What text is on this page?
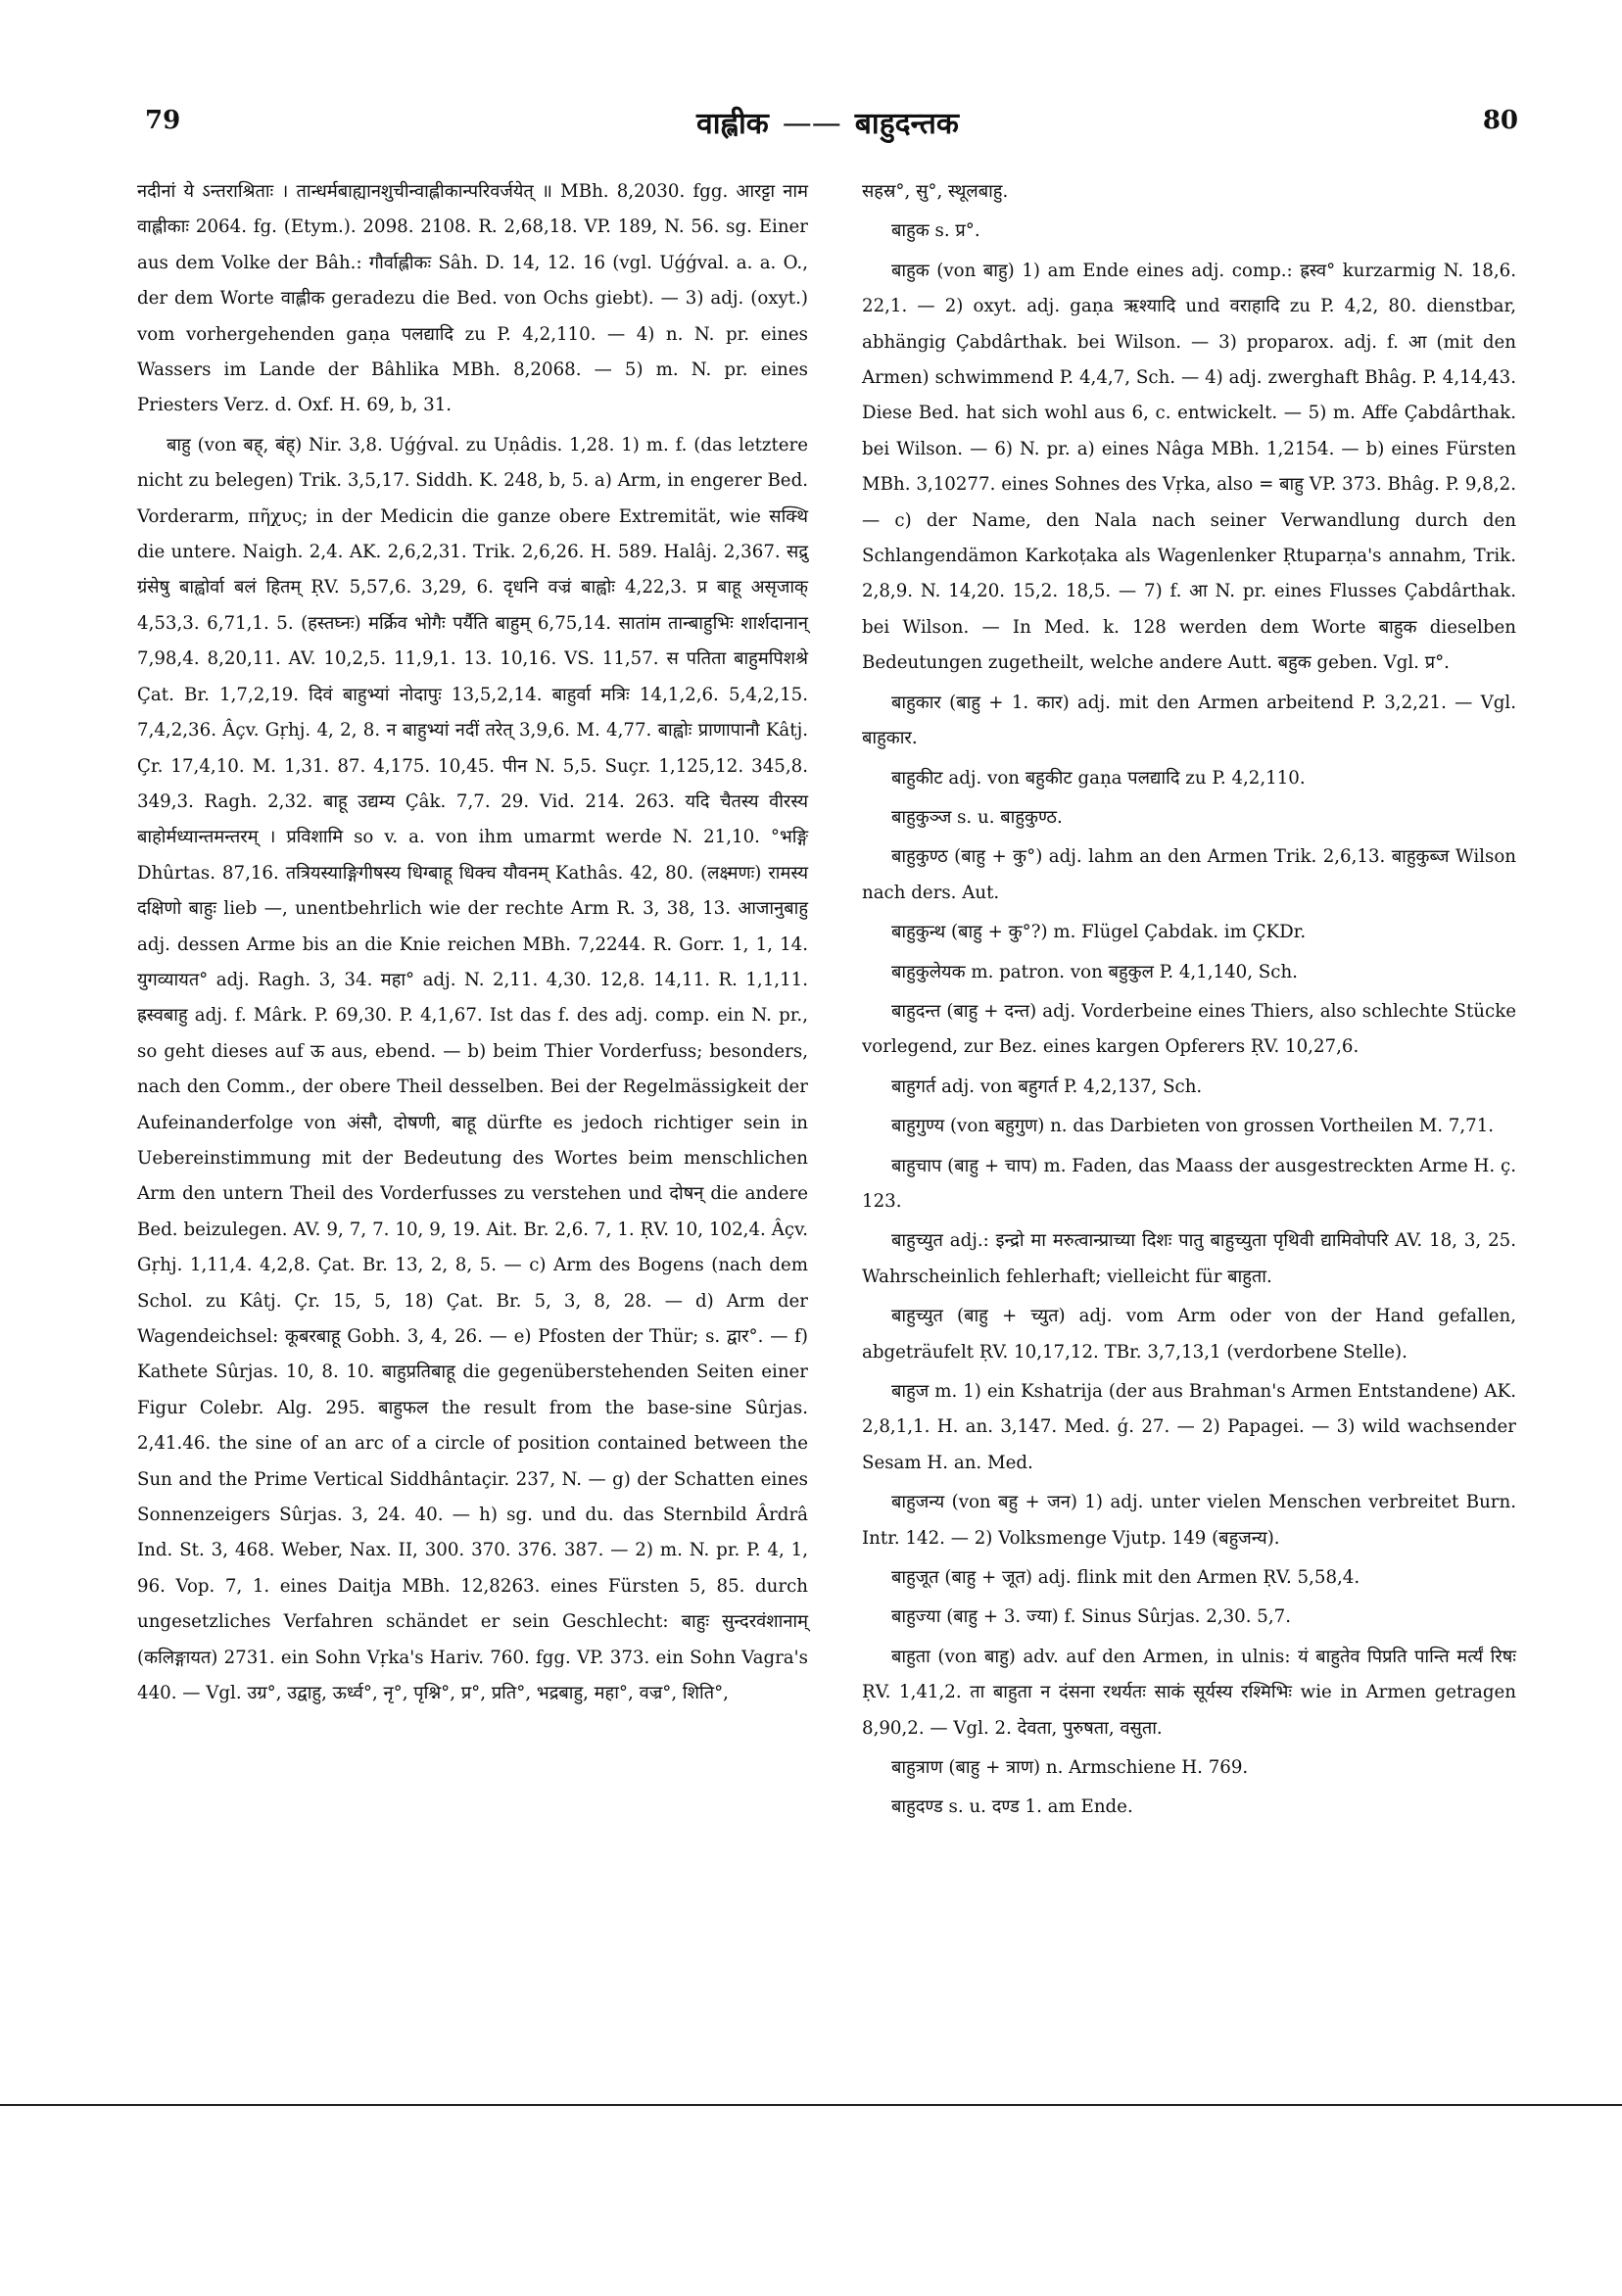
79	वाह्लीक —— बाहुदन्तक	80

नदीनां ये ऽन्तराश्रिताः । तान्धर्मबाह्यानशुचीन्वाह्लीकान्परिवर्जयेत् ॥ MBh. 8,2030. fgg. आरट्टा नाम वाह्लीकाः 2064. fg. (Etym.). 2098. 2108. R. 2,68,18. VP. 189, N. 56. sg. Einer aus dem Volke der Bâh.: गौर्वाह्लीकः Sâh. D. 14, 12. 16 (vgl. Uǵǵval. a. a. O., der dem Worte वाह्लीक geradezu die Bed. von Ochs giebt). — 3) adj. (oxyt.) vom vorhergehenden gaṇa पलद्यादि zu P. 4,2,110. — 4) n. N. pr. eines Wassers im Lande der Bâhlika MBh. 8,2068. — 5) m. N. pr. eines Priesters Verz. d. Oxf. H. 69, b, 31.

बाहु (von बह्, बंह्) Nir. 3,8. Uǵǵval. zu Uṇâdis. 1,28. 1) m. f. (das letztere nicht zu belegen) Trik. 3,5,17. Siddh. K. 248, b, 5. a) Arm, in engerer Bed. Vorderarm, πῆχυς; in der Medicin die ganze obere Extremität, wie सक्थि die untere. Naigh. 2,4. AK. 2,6,2,31. Trik. 2,6,26. H. 589. Halâj. 2,367. सद्रु ग्रंसेषु बाह्वोर्वा बलं हितम् ṚV. 5,57,6. 3,29, 6. दृधनि वज्रं बाह्वोः 4,22,3. प्र बाहू असृजाक् 4,53,3. 6,71,1. 5. (हस्तघ्नः) मर्क्रिव भोगैः पर्यैति बाहुम् 6,75,14. सातांम तान्बाहुभिः शार्शदानान् 7,98,4. 8,20,11. AV. 10,2,5. 11,9,1. 13. 10,16. VS. 11,57. स पतिता बाहुमपिशश्रे Çat. Br. 1,7,2,19. दिवं बाहुभ्यां नोदापुः 13,5,2,14. बाहुर्वा मत्रिः 14,1,2,6. 5,4,2,15. 7,4,2,36. Âçv. Gṛhj. 4, 2, 8. न बाहुभ्यां नदीं तरेत् 3,9,6. M. 4,77. बाह्वोः प्राणापानौ Kâtj. Çr. 17,4,10. M. 1,31. 87. 4,175. 10,45. पीन N. 5,5. Suçr. 1,125,12. 345,8. 349,3. Ragh. 2,32. बाहू उद्यम्य Çâk. 7,7. 29. Vid. 214. 263. यदि चैतस्य वीरस्य बाहोर्मध्यान्तमन्तरम् । प्रविशामि so v. a. von ihm umarmt werde N. 21,10. °भङ्गि Dhûrtas. 87,16. तत्रियस्याङ्गिगीषस्य धिग्बाहू धिक्च यौवनम् Kathâs. 42, 80. (लक्ष्मणः) रामस्य दक्षिणो बाहुः lieb —, unentbehrlich wie der rechte Arm R. 3, 38, 13. आजानुबाहु adj. dessen Arme bis an die Knie reichen MBh. 7,2244. R. Gorr. 1, 1, 14. युगव्यायत° adj. Ragh. 3, 34. महा° adj. N. 2,11. 4,30. 12,8. 14,11. R. 1,1,11. ह्रस्वबाहु adj. f. Mârk. P. 69,30. P. 4,1,67. Ist das f. des adj. comp. ein N. pr., so geht dieses auf ऊ aus, ebend. — b) beim Thier Vorderfuss; besonders, nach den Comm., der obere Theil desselben. Bei der Regelmässigkeit der Aufeinanderfolge von अंसौ, दोषणी, बाहू dürfte es jedoch richtiger sein in Uebereinstimmung mit der Bedeutung des Wortes beim menschlichen Arm den untern Theil des Vorderfusses zu verstehen und दोषन् die andere Bed. beizulegen. AV. 9, 7, 7. 10, 9, 19. Ait. Br. 2,6. 7, 1. ṚV. 10, 102,4. Âçv. Gṛhj. 1,11,4. 4,2,8. Çat. Br. 13, 2, 8, 5. — c) Arm des Bogens (nach dem Schol. zu Kâtj. Çr. 15, 5, 18) Çat. Br. 5, 3, 8, 28. — d) Arm der Wagendeichsel: कूबरबाहू Gobh. 3, 4, 26. — e) Pfosten der Thür; s. द्वार°. — f) Kathete Sûrjas. 10, 8. 10. बाहुप्रतिबाहू die gegenüberstehenden Seiten einer Figur Colebr. Alg. 295. बाहुफल the result from the base-sine Sûrjas. 2,41.46. the sine of an arc of a circle of position contained between the Sun and the Prime Vertical Siddhântaçir. 237, N. — g) der Schatten eines Sonnenzeigers Sûrjas. 3, 24. 40. — h) sg. und du. das Sternbild Ârdrâ Ind. St. 3, 468. Weber, Nax. II, 300. 370. 376. 387. — 2) m. N. pr. P. 4, 1, 96. Vop. 7, 1. eines Daitja MBh. 12,8263. eines Fürsten 5, 85. durch ungesetzliches Verfahren schändet er sein Geschlecht: बाहुः सुन्दरवंशानाम् (कलिङ्गायत) 2731. ein Sohn Vṛka's Hariv. 760. fgg. VP. 373. ein Sohn Vagra's 440. — Vgl. उग्र°, उद्वाहु, ऊर्ध्व°, नृ°, पृश्नि°, प्र°, प्रति°, भद्रबाहु, महा°, वज्र°, शिति°,

सहस्र°, सु°, स्थूलबाहु.

बाहुक s. प्र°.

बाहुक (von बाहु) 1) am Ende eines adj. comp.: ह्रस्व° kurzarmig N. 18,6. 22,1. — 2) oxyt. adj. gaṇa ऋश्यादि und वराहादि zu P. 4,2, 80. dienstbar, abhängig Çabdârthak. bei Wilson. — 3) proparox. adj. f. आ (mit den Armen) schwimmend P. 4,4,7, Sch. — 4) adj. zwerghaft Bhâg. P. 4,14,43. Diese Bed. hat sich wohl aus 6, c. entwickelt. — 5) m. Affe Çabdârthak. bei Wilson. — 6) N. pr. a) eines Nâga MBh. 1,2154. — b) eines Fürsten MBh. 3,10277. eines Sohnes des Vṛka, also = बाहु VP. 373. Bhâg. P. 9,8,2. — c) der Name, den Nala nach seiner Verwandlung durch den Schlangendämon Karkoṭaka als Wagenlenker Ṛtuparṇa's annahm, Trik. 2,8,9. N. 14,20. 15,2. 18,5. — 7) f. आ N. pr. eines Flusses Çabdârthak. bei Wilson. — In Med. k. 128 werden dem Worte बाहुक dieselben Bedeutungen zugetheilt, welche andere Autt. बहुक geben. Vgl. प्र°.

बाहुकार (बाहु + 1. कार) adj. mit den Armen arbeitend P. 3,2,21. — Vgl. बाहुकार.

बाहुकीट adj. von बहुकीट gaṇa पलद्यादि zu P. 4,2,110.

बाहुकुञ्ज s. u. बाहुकुण्ठ.

बाहुकुण्ठ (बाहु + कु°) adj. lahm an den Armen Trik. 2,6,13. बाहुकुब्ज Wilson nach ders. Aut.

बाहुकुन्थ (बाहु + कु°?) m. Flügel Çabdak. im ÇKDr.

बाहुकुलेयक m. patron. von बहुकुल P. 4,1,140, Sch.

बाहुदन्त (बाहु + दन्त) adj. Vorderbeine eines Thiers, also schlechte Stücke vorlegend, zur Bez. eines kargen Opferers ṚV. 10,27,6.

बाहुगर्त adj. von बहुगर्त P. 4,2,137, Sch.

बाहुगुण्य (von बहुगुण) n. das Darbieten von grossen Vortheilen M. 7,71.

बाहुचाप (बाहु + चाप) m. Faden, das Maass der ausgestreckten Arme H. ç. 123.

बाहुच्युत adj.: इन्द्रो मा मरुत्वान्प्राच्या दिशः पातु बाहुच्युता पृथिवी द्यामिवोपरि AV. 18, 3, 25. Wahrscheinlich fehlerhaft; vielleicht für बाहुता.

बाहुच्युत (बाहु + च्युत) adj. vom Arm oder von der Hand gefallen, abgeträufelt ṚV. 10,17,12. TBr. 3,7,13,1 (verdorbene Stelle).

बाहुज m. 1) ein Kshatrija (der aus Brahman's Armen Entstandene) AK. 2,8,1,1. H. an. 3,147. Med. ǵ. 27. — 2) Papagei. — 3) wild wachsender Sesam H. an. Med.

बाहुजन्य (von बहु + जन) 1) adj. unter vielen Menschen verbreitet Burn. Intr. 142. — 2) Volksmenge Vjutp. 149 (बहुजन्य).

बाहुजूत (बाहु + जूत) adj. flink mit den Armen ṚV. 5,58,4.

बाहुज्या (बाहु + 3. ज्या) f. Sinus Sûrjas. 2,30. 5,7.

बाहुता (von बाहु) adv. auf den Armen, in ulnis: यं बाहुतेव पिप्रति पान्ति मर्त्यं रिषः ṚV. 1,41,2. ता बाहुता न दंसना रथर्यतः साकं सूर्यस्य रश्मिभिः wie in Armen getragen 8,90,2. — Vgl. 2. देवता, पुरुषता, वसुता.

बाहुत्राण (बाहु + त्राण) n. Armschiene H. 769.

बाहुदण्ड s. u. दण्ड 1. am Ende.
